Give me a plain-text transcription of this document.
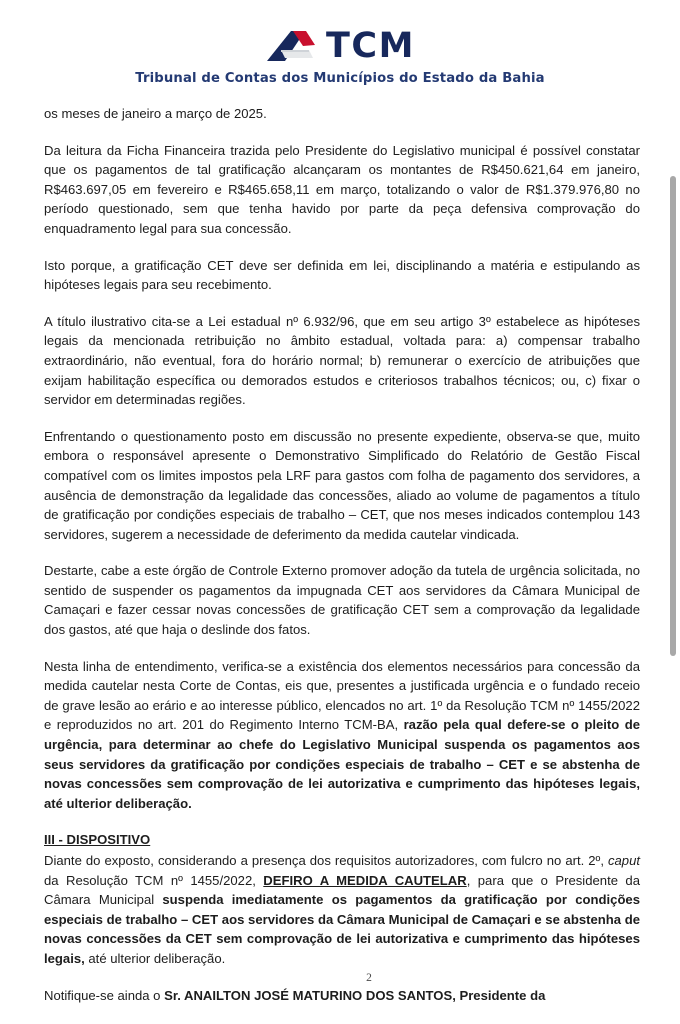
TCM
Tribunal de Contas dos Municípios do Estado da Bahia

os meses de janeiro a março de 2025.

Da leitura da Ficha Financeira trazida pelo Presidente do Legislativo municipal é possível constatar que os pagamentos de tal gratificação alcançaram os montantes de R$450.621,64 em janeiro, R$463.697,05 em fevereiro e R$465.658,11 em março, totalizando o valor de R$1.379.976,80 no período questionado, sem que tenha havido por parte da peça defensiva comprovação do enquadramento legal para sua concessão.

Isto porque, a gratificação CET deve ser definida em lei, disciplinando a matéria e estipulando as hipóteses legais para seu recebimento.

A título ilustrativo cita-se a Lei estadual nº 6.932/96, que em seu artigo 3º estabelece as hipóteses legais da mencionada retribuição no âmbito estadual, voltada para: a) compensar trabalho extraordinário, não eventual, fora do horário normal; b) remunerar o exercício de atribuições que exijam habilitação específica ou demorados estudos e criteriosos trabalhos técnicos; ou, c) fixar o servidor em determinadas regiões.

Enfrentando o questionamento posto em discussão no presente expediente, observa-se que, muito embora o responsável apresente o Demonstrativo Simplificado do Relatório de Gestão Fiscal compatível com os limites impostos pela LRF para gastos com folha de pagamento dos servidores, a ausência de demonstração da legalidade das concessões, aliado ao volume de pagamentos a título de gratificação por condições especiais de trabalho – CET, que nos meses indicados contemplou 143 servidores, sugerem a necessidade de deferimento da medida cautelar vindicada.

Destarte, cabe a este órgão de Controle Externo promover adoção da tutela de urgência solicitada, no sentido de suspender os pagamentos da impugnada CET aos servidores da Câmara Municipal de Camaçari e fazer cessar novas concessões de gratificação CET sem a comprovação da legalidade dos gastos, até que haja o deslinde dos fatos.

Nesta linha de entendimento, verifica-se a existência dos elementos necessários para concessão da medida cautelar nesta Corte de Contas, eis que, presentes a justificada urgência e o fundado receio de grave lesão ao erário e ao interesse público, elencados no art. 1º da Resolução TCM nº 1455/2022 e reproduzidos no art. 201 do Regimento Interno TCM-BA, razão pela qual defere-se o pleito de urgência, para determinar ao chefe do Legislativo Municipal suspenda os pagamentos aos seus servidores da gratificação por condições especiais de trabalho – CET e se abstenha de novas concessões sem comprovação de lei autorizativa e cumprimento das hipóteses legais, até ulterior deliberação.

III - DISPOSITIVO

Diante do exposto, considerando a presença dos requisitos autorizadores, com fulcro no art. 2º, caput da Resolução TCM nº 1455/2022, DEFIRO A MEDIDA CAUTELAR, para que o Presidente da Câmara Municipal suspenda imediatamente os pagamentos da gratificação por condições especiais de trabalho – CET aos servidores da Câmara Municipal de Camaçari e se abstenha de novas concessões da CET sem comprovação de lei autorizativa e cumprimento das hipóteses legais, até ulterior deliberação.

Notifique-se ainda o Sr. ANAILTON JOSÉ MATURINO DOS SANTOS, Presidente da

2
